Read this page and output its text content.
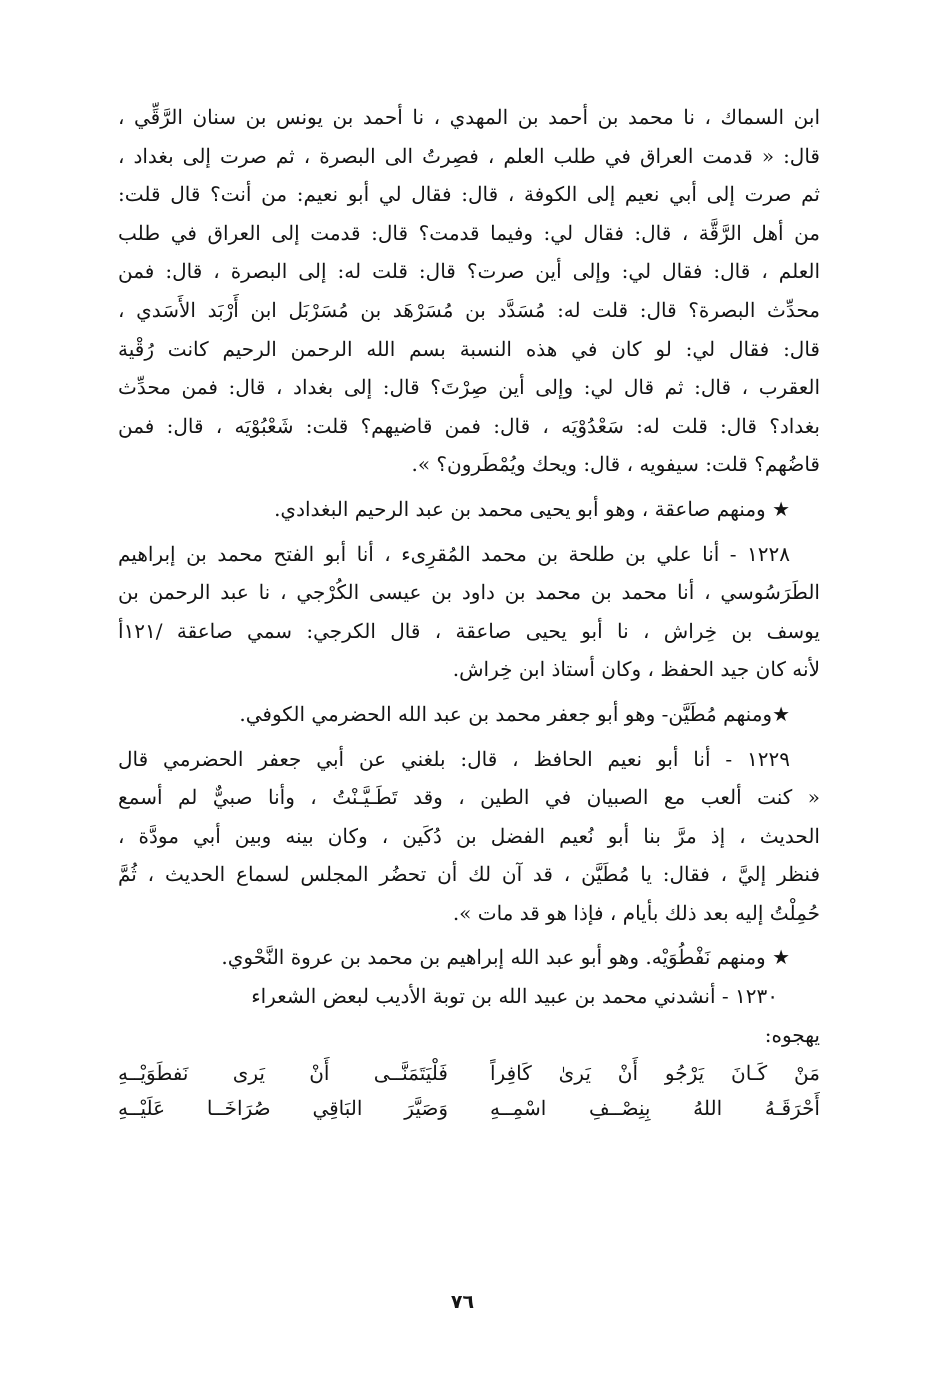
ابن السماك ، نا محمد بن أحمد بن المهدي ، نا أحمد بن يونس بن سنان الرَّقِّي ،
قال: « قدمت العراق في طلب العلم ، فصِرتُ الى البصرة ، ثم صرت إلى بغداد ،
ثم صرت إلى أبي نعيم إلى الكوفة ، قال: فقال لي أبو نعيم: من أنت؟ قال قلت:
من أهل الرَّقَّة ، قال: فقال لي: وفيما قدمت؟ قال: قدمت إلى العراق في طلب
العلم ، قال: فقال لي: وإلى أين صرت؟ قال: قلت له: إلى البصرة ، قال: فمن
محدِّث البصرة؟ قال: قلت له: مُسَدَّد بن مُسَرْهَد بن مُسَرْبَل ابن أَرْبَد الأَسَدي ،
قال: فقال لي: لو كان في هذه النسبة بسم الله الرحمن الرحيم كانت رُقْية
العقرب ، قال: ثم قال لي: وإلى أين صِرْتَ؟ قال: إلى بغداد ، قال: فمن محدِّث
بغداد؟ قال: قلت له: سَعْدُوْيَه ، قال: فمن قاضيهم؟ قلت: شَعْبُوْيَه ، قال: فمن
قاضُهم؟ قلت: سيفويه ، قال: ويحك ويُمْطَرون؟ ».
★ ومنهم صاعقة ، وهو أبو يحيى محمد بن عبد الرحيم البغدادي.
١٢٢٨ - أنا علي بن طلحة بن محمد المُقرِىء ، أنا أبو الفتح محمد بن إبراهيم
الطَرَسُوسي ، أنا محمد بن محمد بن داود بن عيسى الكُرْجي ، نا عبد الرحمن بن
يوسف بن خِراش ، نا أبو يحيى صاعقة ، قال الكرجي: سمي صاعقة /١٢١أ
لأنه كان جيد الحفظ ، وكان أستاذ ابن خِراش.
★ومنهم مُطَيَّن- وهو أبو جعفر محمد بن عبد الله الحضرمي الكوفي.
١٢٢٩ - أنا أبو نعيم الحافظ ، قال: بلغني عن أبي جعفر الحضرمي قال
« كنت ألعب مع الصبيان في الطين ، وقد تَطَـيَّـنْتُ ، وأنا صبيٌّ لم أسمع
الحديث ، إذ مرَّ بنا أبو نُعيم الفضل بن دُكَين ، وكان بينه وبين أبي مودَّة ،
فنظر إليَّ ، فقال: يا مُطَيَّن ، قد آن لك أن تحضُر المجلس لسماع الحديث ، ثُمَّ
حُمِلْتُ إليه بعد ذلك بأيام ، فإذا هو قد مات ».
★ ومنهم نَفْطُوَيْه. وهو أبو عبد الله إبراهيم بن محمد بن عروة النَّحْوي.
١٢٣٠ - أنشدني محمد بن عبيد الله بن توبة الأديب لبعض الشعراء
يهجوه:
مَنْ كَـانَ يَرْجُو أَنْ يَرىٰ كَافِراً
فَلْيَتَمَنَّــى أَنْ يَرى نَفطَوَيْــهِ
أَحْرَقَـهُ اللهُ بِنِصْــفِ اسْمِــهِ
وَصَيَّرَ البَاقِي صُرَاخَــا عَلَيْــهِ
٧٦
